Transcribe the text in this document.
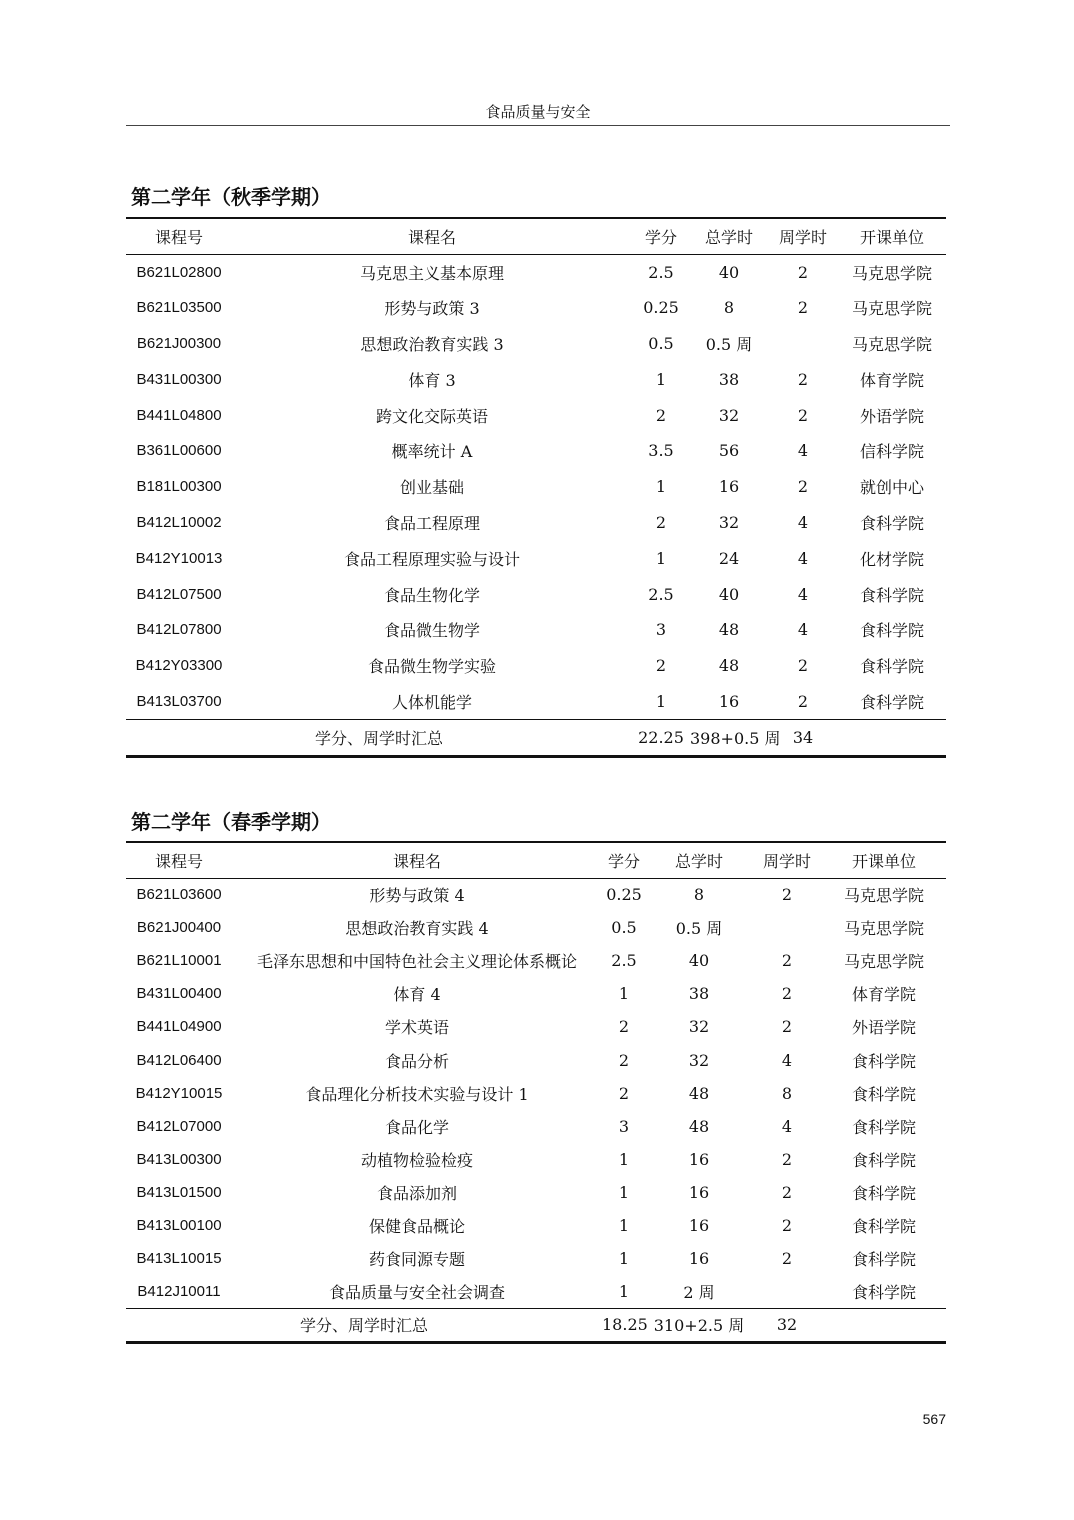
食品质量与安全
第二学年（秋季学期）
课程号	课程名	学分	总学时	周学时	开课单位
B621L02800	马克思主义基本原理	2.5	40	2	马克思学院
B621L03500	形势与政策 3	0.25	8	2	马克思学院
B621J00300	思想政治教育实践 3	0.5	0.5 周		马克思学院
B431L00300	体育 3	1	38	2	体育学院
B441L04800	跨文化交际英语	2	32	2	外语学院
B361L00600	概率统计 A	3.5	56	4	信科学院
B181L00300	创业基础	1	16	2	就创中心
B412L10002	食品工程原理	2	32	4	食科学院
B412Y10013	食品工程原理实验与设计	1	24	4	化材学院
B412L07500	食品生物化学	2.5	40	4	食科学院
B412L07800	食品微生物学	3	48	4	食科学院
B412Y03300	食品微生物学实验	2	48	2	食科学院
B413L03700	人体机能学	1	16	2	食科学院
学分、周学时汇总		22.25	398+0.5 周	34	
第二学年（春季学期）
课程号	课程名	学分	总学时	周学时	开课单位
B621L03600	形势与政策 4	0.25	8	2	马克思学院
B621J00400	思想政治教育实践 4	0.5	0.5 周		马克思学院
B621L10001	毛泽东思想和中国特色社会主义理论体系概论	2.5	40	2	马克思学院
B431L00400	体育 4	1	38	2	体育学院
B441L04900	学术英语	2	32	2	外语学院
B412L06400	食品分析	2	32	4	食科学院
B412Y10015	食品理化分析技术实验与设计 1	2	48	8	食科学院
B412L07000	食品化学	3	48	4	食科学院
B413L00300	动植物检验检疫	1	16	2	食科学院
B413L01500	食品添加剂	1	16	2	食科学院
B413L00100	保健食品概论	1	16	2	食科学院
B413L10015	药食同源专题	1	16	2	食科学院
B412J10011	食品质量与安全社会调查	1	2 周		食科学院
学分、周学时汇总		18.25	310+2.5 周	32	
567
